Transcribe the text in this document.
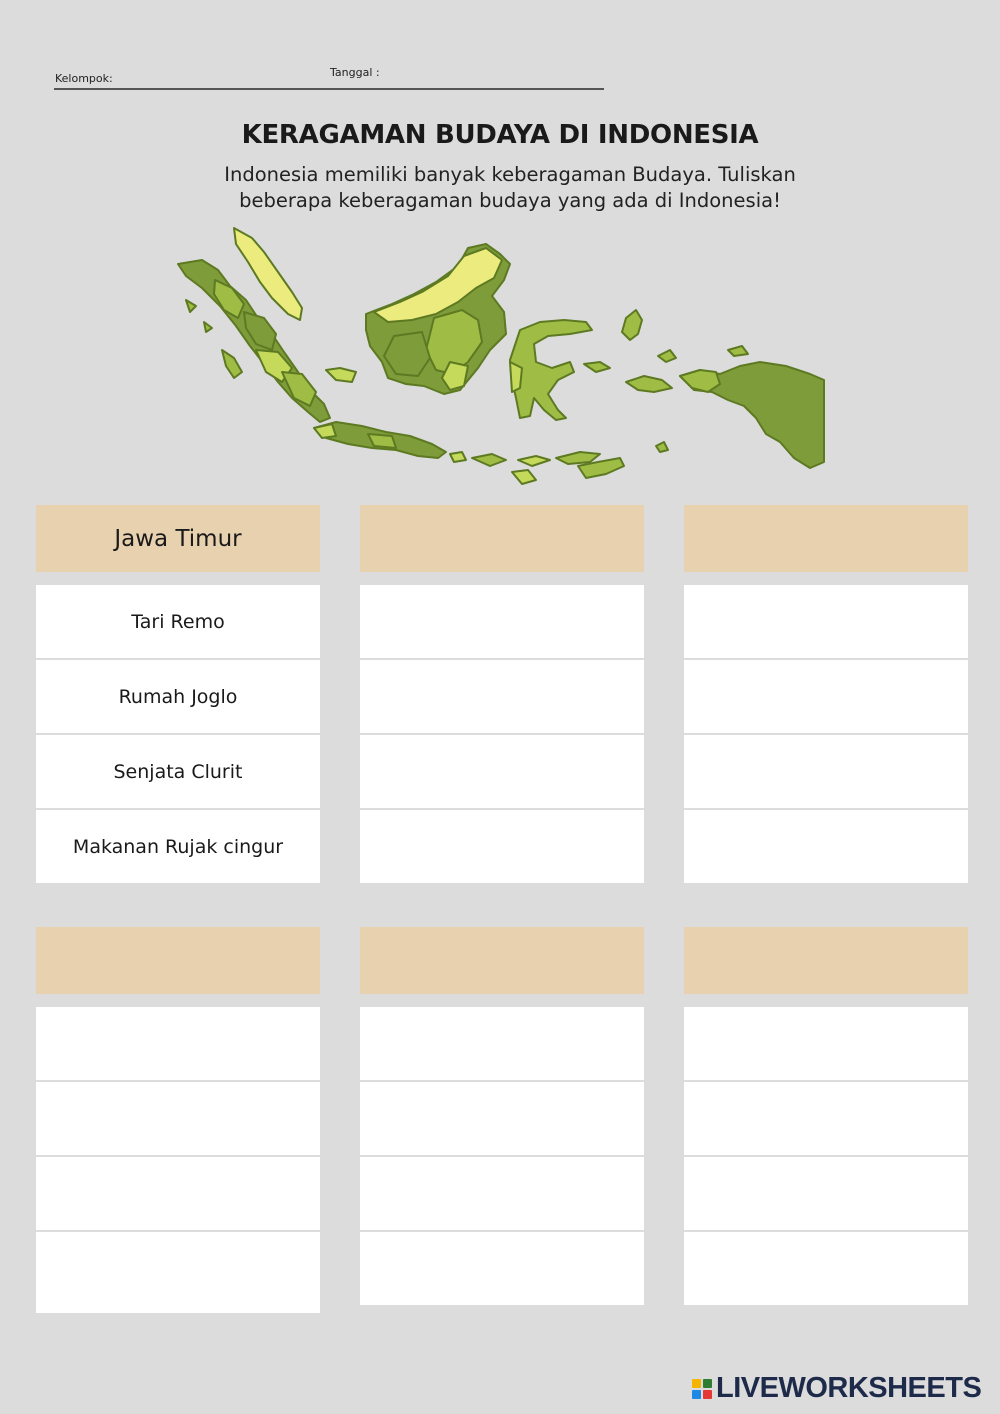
Kelompok:	Tanggal :
KERAGAMAN BUDAYA DI INDONESIA
Indonesia memiliki banyak keberagaman Budaya. Tuliskan beberapa keberagaman budaya yang ada di Indonesia!
Jawa Timur
Tari Remo
Rumah Joglo
Senjata Clurit
Makanan Rujak cingur
LIVEWORKSHEETS
